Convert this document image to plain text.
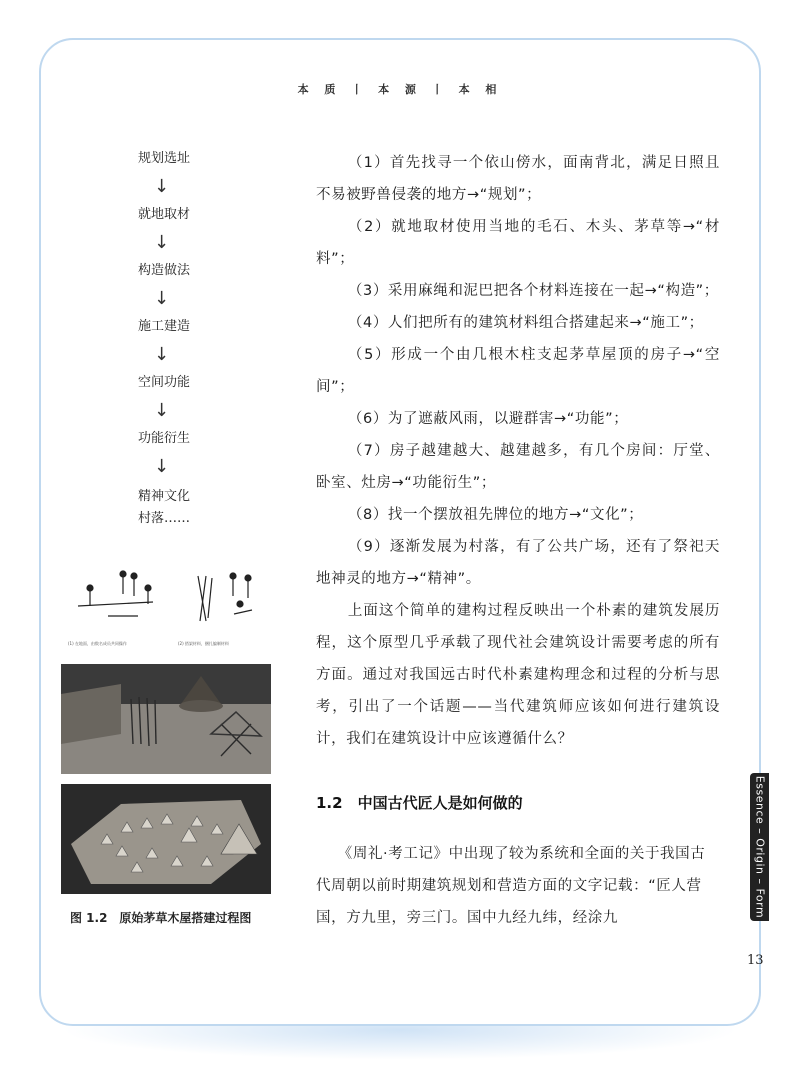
本 质 丨 本 源 丨 本 相
规划选址
↓
就地取材
↓
构造做法
↓
施工建造
↓
空间功能
↓
功能衍生
↓
精神文化
村落……
(1) 在地面，由数名成员共同操作	(2) 搭架材料，捆扎编制材料
图 1.2　原始茅草木屋搭建过程图

（1）首先找寻一个依山傍水，面南背北，满足日照且不易被野兽侵袭的地方→“规划”；

（2）就地取材使用当地的毛石、木头、茅草等→“材料”；

（3）采用麻绳和泥巴把各个材料连接在一起→“构造”；

（4）人们把所有的建筑材料组合搭建起来→“施工”；

（5）形成一个由几根木柱支起茅草屋顶的房子→“空间”；

（6）为了遮蔽风雨，以避群害→“功能”；

（7）房子越建越大、越建越多，有几个房间：厅堂、卧室、灶房→“功能衍生”；

（8）找一个摆放祖先牌位的地方→“文化”；

（9）逐渐发展为村落，有了公共广场，还有了祭祀天地神灵的地方→“精神”。

上面这个简单的建构过程反映出一个朴素的建筑发展历程，这个原型几乎承载了现代社会建筑设计需要考虑的所有方面。通过对我国远古时代朴素建构理念和过程的分析与思考，引出了一个话题——当代建筑师应该如何进行建筑设计，我们在建筑设计中应该遵循什么？

1.2　中国古代匠人是如何做的

《周礼·考工记》中出现了较为系统和全面的关于我国古代周朝以前时期建筑规划和营造方面的文字记载：“匠人营国，方九里，旁三门。国中九经九纬，经涂九	Essence – Origin – Form
13
